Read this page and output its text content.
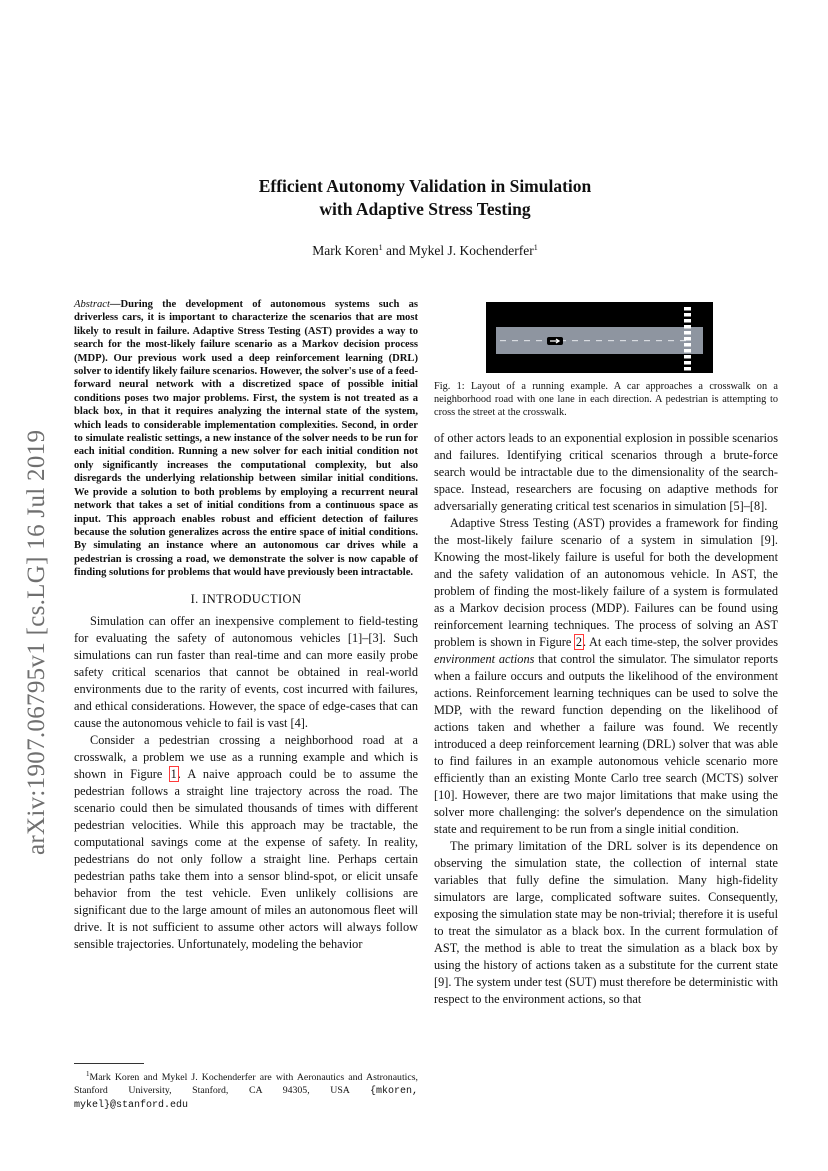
arXiv:1907.06795v1 [cs.LG] 16 Jul 2019
Efficient Autonomy Validation in Simulation
with Adaptive Stress Testing
Mark Koren$^1$ and Mykel J. Kochenderfer$^1$

Abstract—During the development of autonomous systems such as driverless cars, it is important to characterize the scenarios that are most likely to result in failure. Adaptive Stress Testing (AST) provides a way to search for the most-likely failure scenario as a Markov decision process (MDP). Our previous work used a deep reinforcement learning (DRL) solver to identify likely failure scenarios. However, the solver's use of a feed-forward neural network with a discretized space of possible initial conditions poses two major problems. First, the system is not treated as a black box, in that it requires analyzing the internal state of the system, which leads to considerable implementation complexities. Second, in order to simulate realistic settings, a new instance of the solver needs to be run for each initial condition. Running a new solver for each initial condition not only significantly increases the computational complexity, but also disregards the underlying relationship between similar initial conditions. We provide a solution to both problems by employing a recurrent neural network that takes a set of initial conditions from a continuous space as input. This approach enables robust and efficient detection of failures because the solution generalizes across the entire space of initial conditions. By simulating an instance where an autonomous car drives while a pedestrian is crossing a road, we demonstrate the solver is now capable of finding solutions for problems that would have previously been intractable.

I. INTRODUCTION

Simulation can offer an inexpensive complement to field-testing for evaluating the safety of autonomous vehicles [1]–[3]. Such simulations can run faster than real-time and can more easily probe safety critical scenarios that cannot be obtained in real-world environments due to the rarity of events, cost incurred with failures, and ethical considerations. However, the space of edge-cases that can cause the autonomous vehicle to fail is vast [4].

Consider a pedestrian crossing a neighborhood road at a crosswalk, a problem we use as a running example and which is shown in Figure 1. A naive approach could be to assume the pedestrian follows a straight line trajectory across the road. The scenario could then be simulated thousands of times with different pedestrian velocities. While this approach may be tractable, the computational savings come at the expense of safety. In reality, pedestrians do not only follow a straight line. Perhaps certain pedestrian paths take them into a sensor blind-spot, or elicit unsafe behavior from the test vehicle. Even unlikely collisions are significant due to the large amount of miles an autonomous fleet will drive. It is not sufficient to assume other actors will always follow sensible trajectories. Unfortunately, modeling the behavior

$^1$Mark Koren and Mykel J. Kochenderfer are with Aeronautics and Astronautics, Stanford University, Stanford, CA 94305, USA {mkoren, mykel}@stanford.edu

Fig. 1: Layout of a running example. A car approaches a crosswalk on a neighborhood road with one lane in each direction. A pedestrian is attempting to cross the street at the crosswalk.

of other actors leads to an exponential explosion in possible scenarios and failures. Identifying critical scenarios through a brute-force search would be intractable due to the dimensionality of the search-space. Instead, researchers are focusing on adaptive methods for adversarially generating critical test scenarios in simulation [5]–[8].

Adaptive Stress Testing (AST) provides a framework for finding the most-likely failure scenario of a system in simulation [9]. Knowing the most-likely failure is useful for both the development and the safety validation of an autonomous vehicle. In AST, the problem of finding the most-likely failure of a system is formulated as a Markov decision process (MDP). Failures can be found using reinforcement learning techniques. The process of solving an AST problem is shown in Figure 2. At each time-step, the solver provides environment actions that control the simulator. The simulator reports when a failure occurs and outputs the likelihood of the environment actions. Reinforcement learning techniques can be used to solve the MDP, with the reward function depending on the likelihood of actions taken and whether a failure was found. We recently introduced a deep reinforcement learning (DRL) solver that was able to find failures in an example autonomous vehicle scenario more efficiently than an existing Monte Carlo tree search (MCTS) solver [10]. However, there are two major limitations that make using the solver more challenging: the solver's dependence on the simulation state and requirement to be run from a single initial condition.

The primary limitation of the DRL solver is its dependence on observing the simulation state, the collection of internal state variables that fully define the simulation. Many high-fidelity simulators are large, complicated software suites. Consequently, exposing the simulation state may be non-trivial; therefore it is useful to treat the simulator as a black box. In the current formulation of AST, the method is able to treat the simulation as a black box by using the history of actions taken as a substitute for the current state [9]. The system under test (SUT) must therefore be deterministic with respect to the environment actions, so that
